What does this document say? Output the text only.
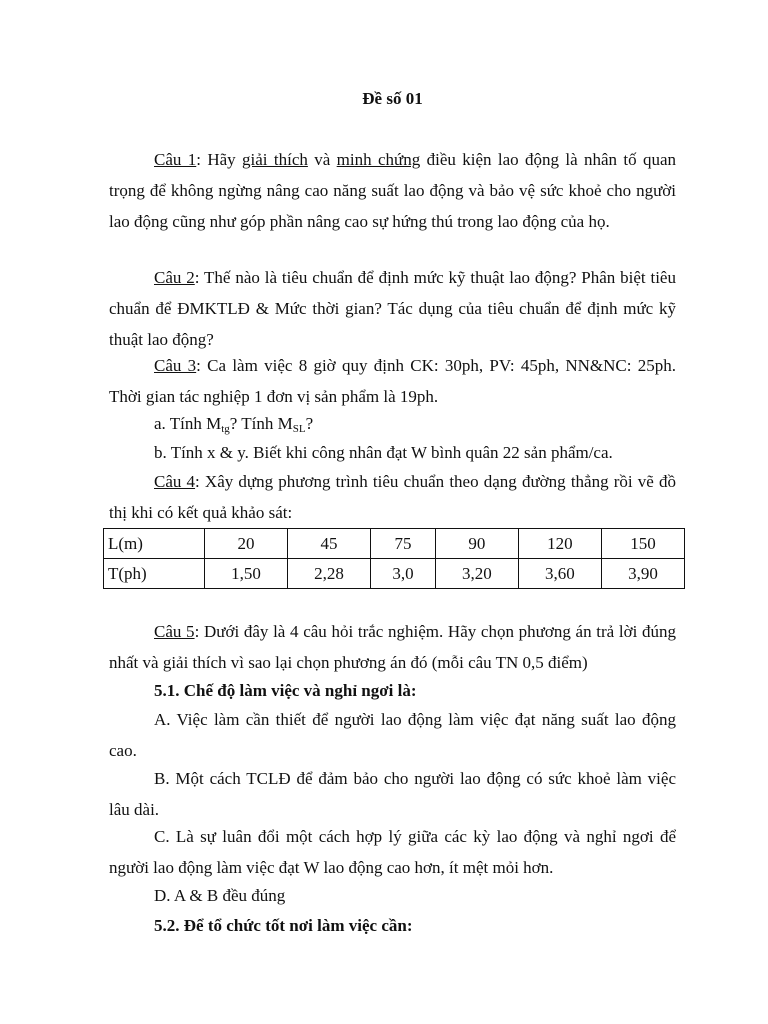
Đề số 01
Câu 1: Hãy giải thích và minh chứng điều kiện lao động là nhân tố quan trọng để không ngừng nâng cao năng suất lao động và bảo vệ sức khoẻ cho người lao động cũng như góp phần nâng cao sự hứng thú trong lao động của họ.
Câu 2: Thế nào là tiêu chuẩn để định mức kỹ thuật lao động? Phân biệt tiêu chuẩn để ĐMKTLĐ & Mức thời gian? Tác dụng của tiêu chuẩn để định mức kỹ thuật lao động?
Câu 3: Ca làm việc 8 giờ quy định CK: 30ph, PV: 45ph, NN&NC: 25ph. Thời gian tác nghiệp 1 đơn vị sản phẩm là 19ph.
a. Tính $M_{tg}$? Tính $M_{SL}$?
b. Tính x & y. Biết khi công nhân đạt W bình quân 22 sản phẩm/ca.
Câu 4: Xây dựng phương trình tiêu chuẩn theo dạng đường thẳng rồi vẽ đồ thị khi có kết quả khảo sát:
L(m)	20	45	75	90	120	150
T(ph)	1,50	2,28	3,0	3,20	3,60	3,90
Câu 5: Dưới đây là 4 câu hỏi trắc nghiệm. Hãy chọn phương án trả lời đúng nhất và giải thích vì sao lại chọn phương án đó (mỗi câu TN 0,5 điểm)
5.1. Chế độ làm việc và nghỉ ngơi là:
A. Việc làm cần thiết để người lao động làm việc đạt năng suất lao động cao.
B. Một cách TCLĐ để đảm bảo cho người lao động có sức khoẻ làm việc lâu dài.
C. Là sự luân đổi một cách hợp lý giữa các kỳ lao động và nghỉ ngơi để người lao động làm việc đạt W lao động cao hơn, ít mệt mỏi hơn.
D. A & B đều đúng
5.2. Để tổ chức tốt nơi làm việc cần:
